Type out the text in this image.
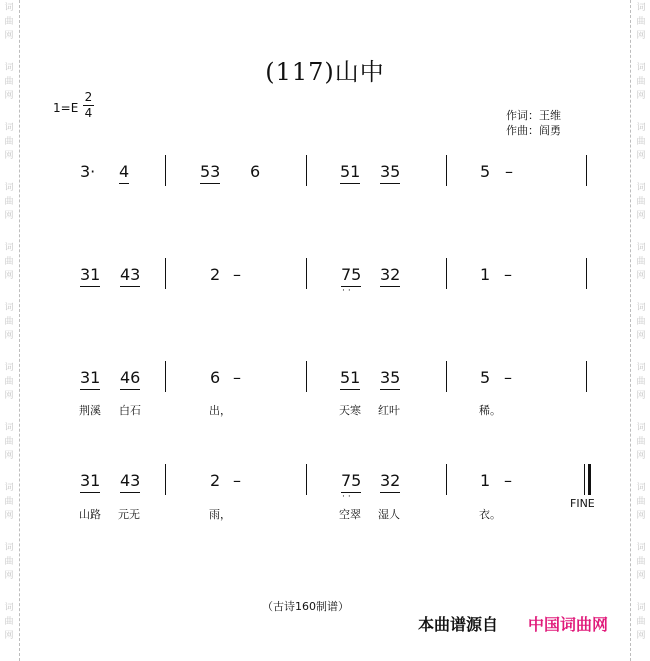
词
曲
网
词
曲
网
词
曲
网
词
曲
网
词
曲
网
词
曲
网
词
曲
网
词
曲
网
词
曲
网
词
曲
网
词
曲
网
词
曲
网
词
曲
网
词
曲
网
词
曲
网
词
曲
网
词
曲
网
词
曲
网
词
曲
网
词
曲
网
词
曲
网
词
曲
网
(117)山中
1=E
2
4	作词：王维
作曲：阎勇
3· 4	53 6	51 35	5 –
31 43	2 –	75
··
32	1 –
31 46	6 –	51 35	5 –
荆溪 白石	出，	天寒 红叶	稀。
31 43	2 –	75
··
32	1 –
FINE
山路 元无	雨，	空翠 湿人	衣。
（古诗160制谱）
本曲谱源自 中国词曲网
